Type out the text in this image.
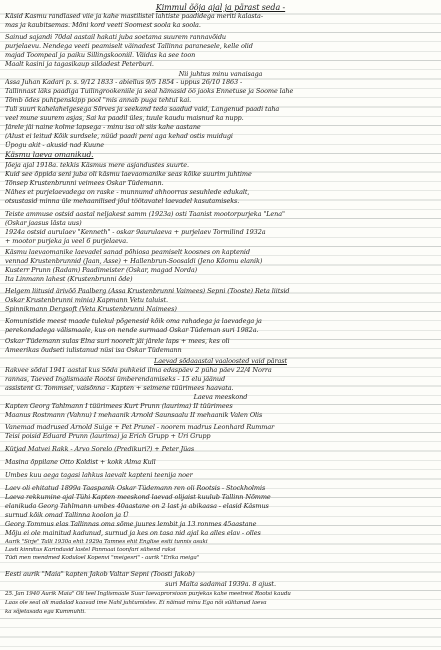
Kimmul õõja ajal ja pärast seda -
Käsid Kasmu randlased viie ja kahe mastilistel lahtiste paadidega meriti kalasta-
mas ja kaubitsemas. Mõni kord veeti Soomest soola ka soola.
Sainud sajandi 70dal aastail hakati juba soetama suurem rannavõidu
purjelaevu. Nendega veeti peamiselt väinadest Tallinna paranesele, kelle olid
majad Toompeal ja paiku Sillingskooniil. Väidas ka see toon
Maalt kasini ja tagasikaup sildadest Peterburi.
Nii juhtus minu vanaisaga
Assa Juhan Kadari p. s. 9/12 1833 - abiellus 9/5 1854 - uppus 26/10 1863 -
Tallinnast läks paadiga Tuilingrookeniile ja seal hämasid öö jaoks Ennetuse ja Soome lahe
Tõmb õdes puhtpenskipp pool "mis annab puga tehtul kai.
Tuli suuri kahelahelgesega Sõrves ja seekand teda saadud vaid, Langenud paadi taha
veel mune suurem asjas, Sai ka paadil üles, tuule kaudu maisnud ka nupp.
Järele jäi naine kolme lapsega - minu isa oli siis kahe aastane
(Alust ei leitud Kõik surdsele, nüüd paadi peni aga kehad ostis muidugi
Üpogu akit - akusid nad Kuune
Käsmu laeva omanikud.
Jõeja ajal 1918a. tekkis Käsmus mere asjandustes suurte.
Kuid see õppida seni juba oli käsmu laevaomanike seas kõike suurim juhtime
Tõnsep Krustenbrunni veimees Oskar Tüdemann.
Nähes et purjelaevadega on raske - munnumd ahhoorras sesuhlede edukalt,
otsustasid minna üle mehaanilised jõul töötavatel laevadel kasutamiseks.
Teiste ammuse ostsid aastal neljakest samm (1923a) osti Taanist mootorpurjeka "Lena"
(Oskar jaasus lästa uus)
1924a ostsid aurulaev "Kenneth" - oskar 9aurulaeva + purjelaev Tormilind 1932a
+ mootor purjeka ja veel 6 purjelaeva.
Käsmu laevaomanike laevadel sanad põhiosa peamiselt koosnes on kaptenid
vennad Krustenbrunnid (Jaan, Asse) + Hallenbrun-Soosaldi (Jeno Kõomu elanik)
Kusterr Prunn (Radam) Paadimeister (Oskar, magad Norda)
Ita Linmann lahest (Krustenbrunni õde)
Helgem liitusid ärivõõ Paalberg (Assa Krustenbrunni Vaimees) Sepni (Tooste) Reta liitsid
Oskar Krustenbrunni minia) Kapmann Vetu taluist.
Spinnikmann Dergsoft (Veta Krustenbrunni Naimees)
Komunistide meest maade tulekul põgenesid kõik oma rahadega ja laevadega ja
perekondadega välismaale, kus on nende surmaad Oskar Tüdeman suri 1982a.
Oskar Tüdemann sulas Elna suri noorelt jäi järele laps + mees, kes oli
Ameerikas õudseti iulistanud nüsi isa Oskar Tüdemann
Laevad sõdaaastal vaaloosted vaid pärast
Rakvee sõdal 1941 aastal kus Sõda puhkeid ilma edaspäev 2 püha päev 22/4 Norra
rannas, Taeved Inglismaale Rootsi ümberendamiseks - 15 elu jäänud
assistent G. Tommsel, vaisõnna - Kapten + seimene tüürimees haavata.
Laeva meeskond
Kapten Georg Tahlmann I tüürimees Kurt Prunn (laurima) II tüürimees
Maanus Rostmann (Vahnu) I mehaanik Arnold Saunsaalu II mehaanik Valen Olis
Vanemad madrused Arnold Suige + Pet Prunel - noorem madrus Leonhard Rummar
Teisi poisid Eduard Prunn (laurima) ja Erich Grupp + Uri Grupp
Kütjad Matvei Rakk - Arvo Sorelo (Predikuri?) + Peter Jüas
Masina õppilane Otto Koldist + kokk Alma Kull
Umbes kuu aega tagasi lahkus laevalt kapteni teenija noer
Laev oli ehitatud 1899a Taaspanik Oskar Tüdemann ren oli Rootsis - Stockholmis
Laeva rekkumine ajal Tühi Kapten meeskond laevad olijaist kuulub Tallinn Nõmme
elanikuda Georg Tahlmann umbes 40aastane on 2 last ja abikaasa - elasid Käsmus
surnud kõik omad Tallinna koolon ja Ü
Georg Tommus elas Tallinnas oma sõme juures lembit ja 13 ronmes 45aastane
Mõju ei ole mainitud kadunud, surnud ja kes on tasa nid ajal ka alles elav - olles
Aurik "Sirje" Talli 1930a ehit 1929a Tamnes ehit Englise esiti tunnis asuki
Lasti kinnitus Karindasid lastel Panmaai toonfari sühend raksi
Tüdi men mendmed Koduloel Kopenvi "meigesri" - aurik "Erika meiga"
Eesti aurik "Maia" kapten Jakob Valtar Sepni (Toosti Jakob)
suri Malta sadamal 1939a. 8 ajust.
25. Jan 1940 Aurik Maia" Oli teel Inglismaale Suur laevaprorsioon purjekas kahe meetrest Rootsi kaudu
Laas ole seal oli madalad kaavad ime Nahl juhtumistes. Ei näinud minu Ega nõi sülitanud laeva
ka sõjetasada ega Kummuhti.
